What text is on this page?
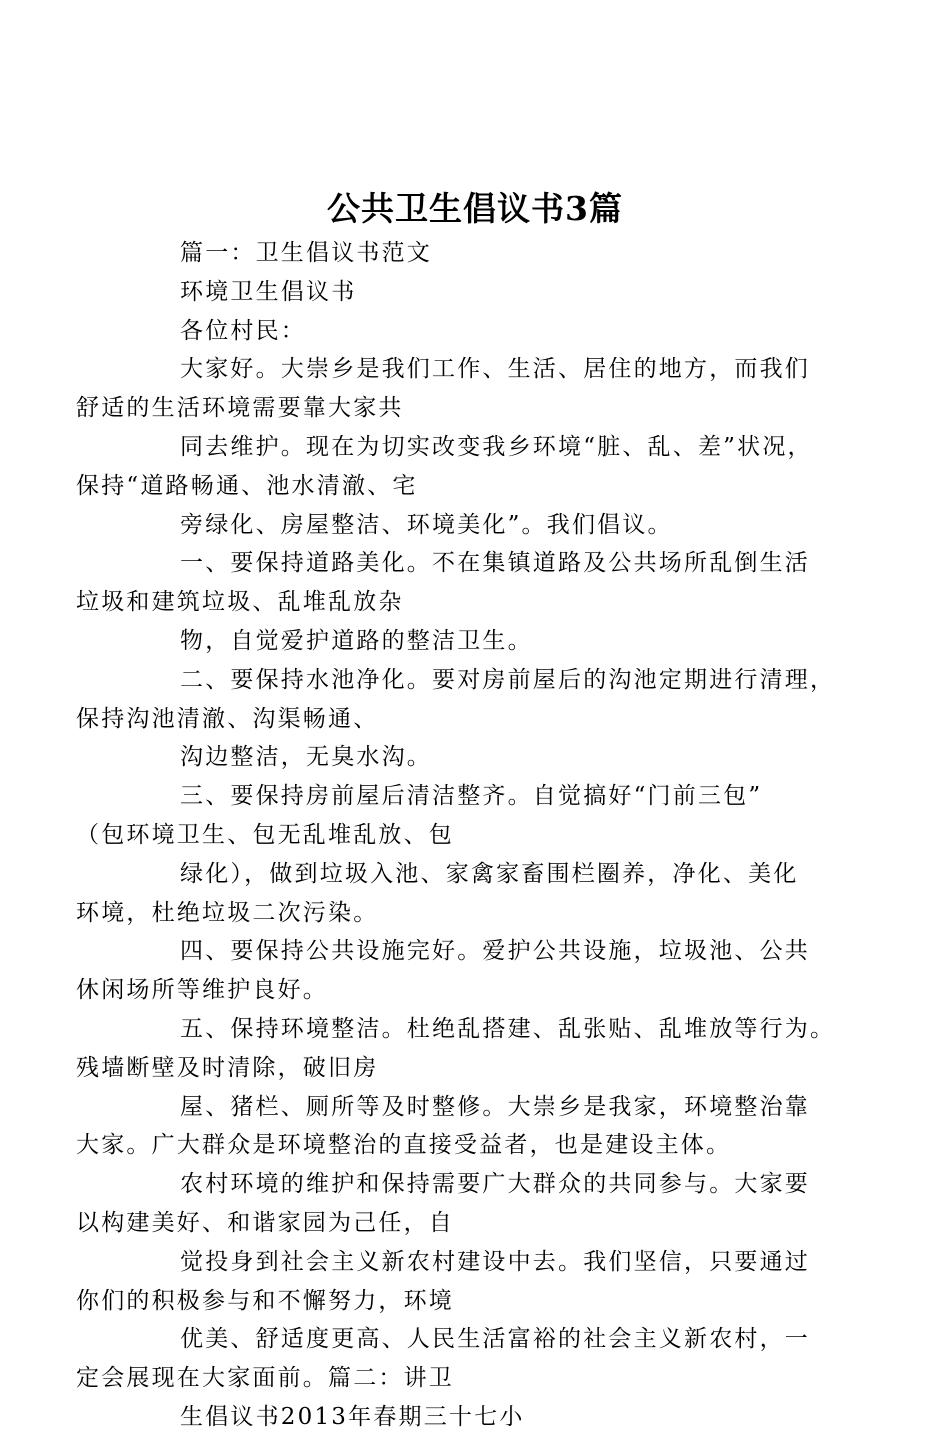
公共卫生倡议书3篇

篇一：卫生倡议书范文

环境卫生倡议书

各位村民：

大家好。大崇乡是我们工作、生活、居住的地方，而我们
舒适的生活环境需要靠大家共

同去维护。现在为切实改变我乡环境“脏、乱、差”状况，
保持“道路畅通、池水清澈、宅

旁绿化、房屋整洁、环境美化”。我们倡议。

一、要保持道路美化。不在集镇道路及公共场所乱倒生活
垃圾和建筑垃圾、乱堆乱放杂

物，自觉爱护道路的整洁卫生。

二、要保持水池净化。要对房前屋后的沟池定期进行清理，
保持沟池清澈、沟渠畅通、

沟边整洁，无臭水沟。

三、要保持房前屋后清洁整齐。自觉搞好“门前三包”
（包环境卫生、包无乱堆乱放、包

绿化），做到垃圾入池、家禽家畜围栏圈养，净化、美化
环境，杜绝垃圾二次污染。

四、要保持公共设施完好。爱护公共设施，垃圾池、公共
休闲场所等维护良好。

五、保持环境整洁。杜绝乱搭建、乱张贴、乱堆放等行为。
残墙断壁及时清除，破旧房

屋、猪栏、厕所等及时整修。大崇乡是我家，环境整治靠
大家。广大群众是环境整治的直接受益者，也是建设主体。

农村环境的维护和保持需要广大群众的共同参与。大家要
以构建美好、和谐家园为己任，自

觉投身到社会主义新农村建设中去。我们坚信，只要通过
你们的积极参与和不懈努力，环境

优美、舒适度更高、人民生活富裕的社会主义新农村，一
定会展现在大家面前。篇二：讲卫

生倡议书2013年春期三十七小
